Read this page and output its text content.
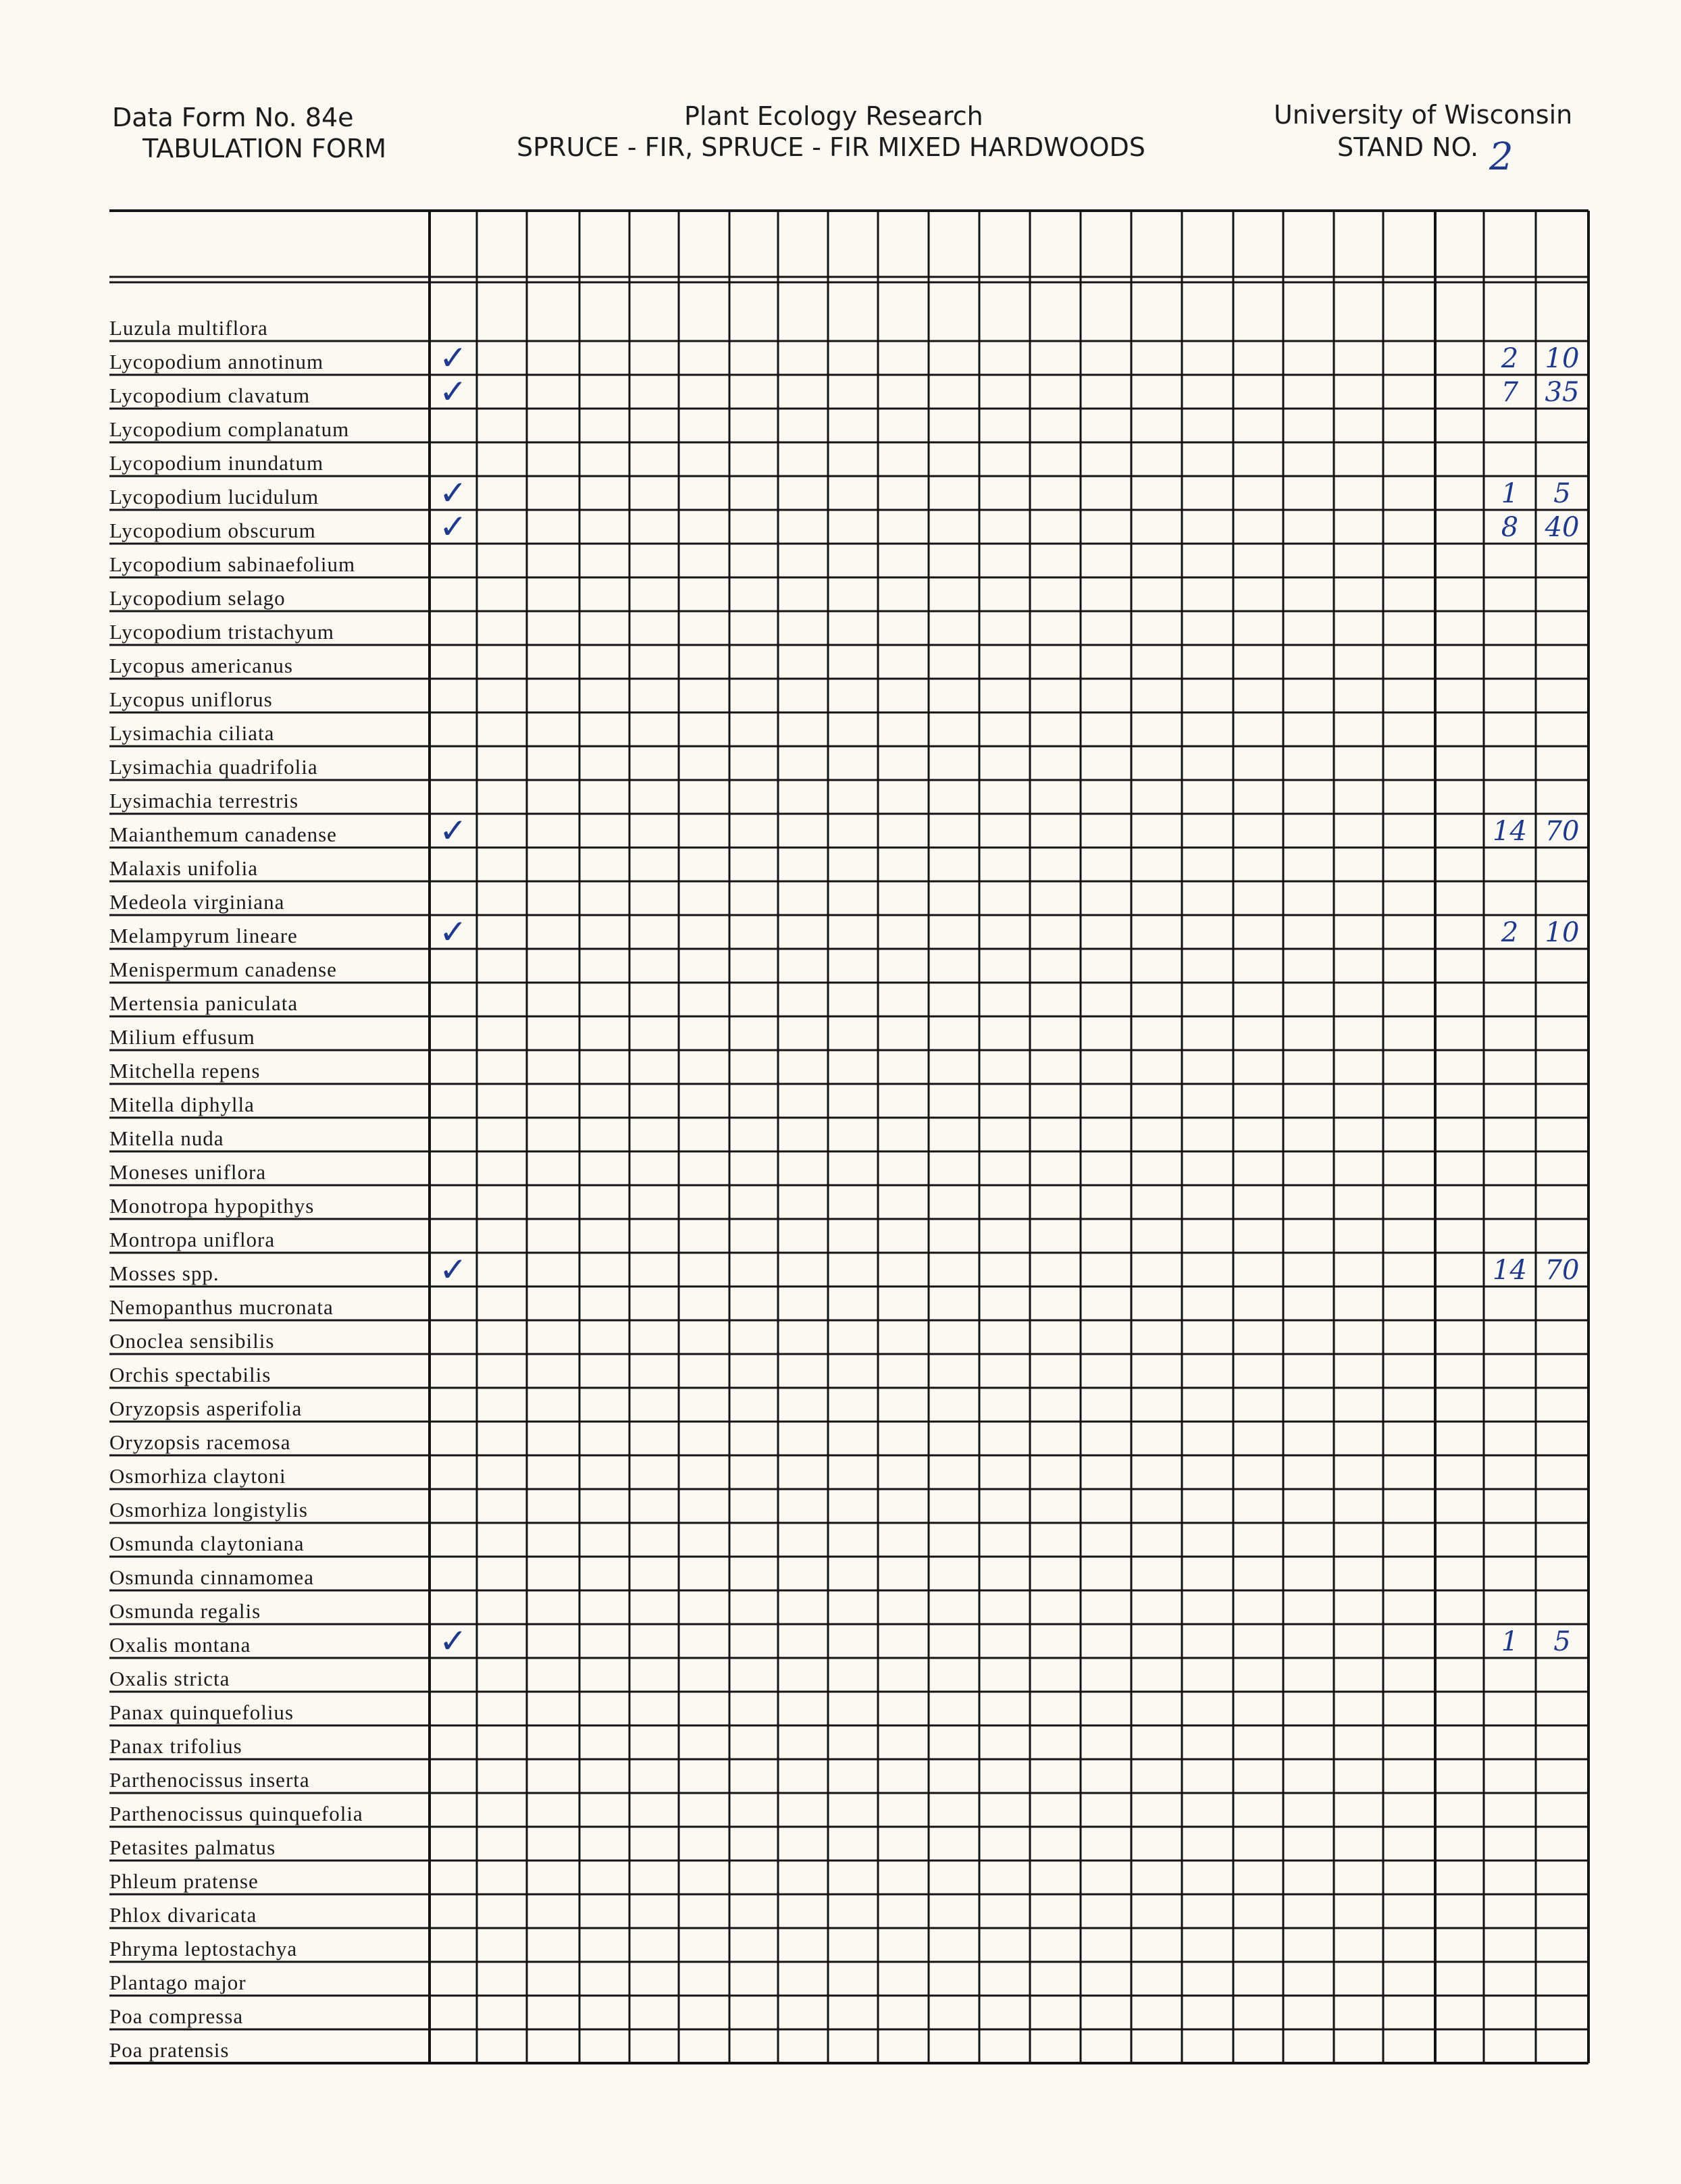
Data Form No. 84e
TABULATION FORM
Plant Ecology Research
SPRUCE - FIR, SPRUCE - FIR MIXED HARDWOODS
University of Wisconsin
STAND NO. 2
Luzula multiflora
Lycopodium annotinum	✓	2 10
Lycopodium clavatum	✓	7 35
Lycopodium complanatum
Lycopodium inundatum
Lycopodium lucidulum	✓	1	5
Lycopodium obscurum	✓	8 40
Lycopodium sabinaefolium
Lycopodium selago
Lycopodium tristachyum
Lycopus americanus
Lycopus uniflorus
Lysimachia ciliata
Lysimachia quadrifolia
Lysimachia terrestris
Maianthemum canadense	✓	14 70
Malaxis unifolia
Medeola virginiana
Melampyrum lineare	✓	2 10
Menispermum canadense
Mertensia paniculata
Milium effusum
Mitchella repens
Mitella diphylla
Mitella nuda
Moneses uniflora
Monotropa hypopithys
Montropa uniflora
Mosses spp.	✓	14 70
Nemopanthus mucronata
Onoclea sensibilis
Orchis spectabilis
Oryzopsis asperifolia
Oryzopsis racemosa
Osmorhiza claytoni
Osmorhiza longistylis
Osmunda claytoniana
Osmunda cinnamomea
Osmunda regalis
Oxalis montana	✓	1	5
Oxalis stricta
Panax quinquefolius
Panax trifolius
Parthenocissus inserta
Parthenocissus quinquefolia
Petasites palmatus
Phleum pratense
Phlox divaricata
Phryma leptostachya
Plantago major
Poa compressa
Poa pratensis
